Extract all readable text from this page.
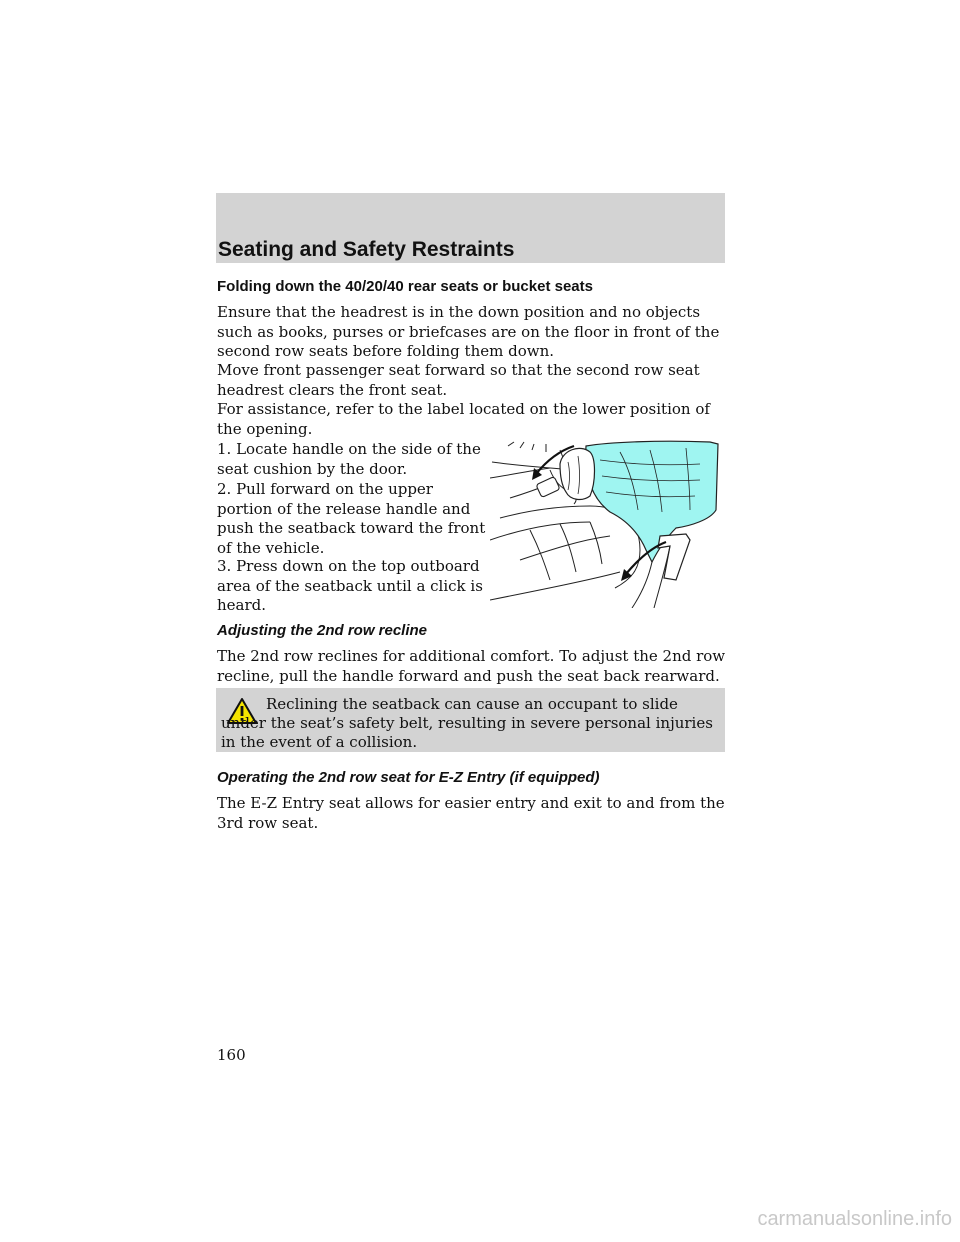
Seating and Safety Restraints
Folding down the 40/20/40 rear seats or bucket seats

Ensure that the headrest is in the down position and no objects such as books, purses or briefcases are on the floor in front of the second row seats before folding them down.

Move front passenger seat forward so that the second row seat headrest clears the front seat.

For assistance, refer to the label located on the lower position of the opening.

1. Locate handle on the side of the seat cushion by the door.

2. Pull forward on the upper portion of the release handle and push the seatback toward the front of the vehicle.

3. Press down on the top outboard area of the seatback until a click is heard.

Adjusting the 2nd row recline

The 2nd row reclines for additional comfort. To adjust the 2nd row recline, pull the handle forward and push the seat back rearward.

Reclining the seatback can cause an occupant to slide under the seat’s safety belt, resulting in severe personal injuries in the event of a collision.

Operating the 2nd row seat for E-Z Entry (if equipped)

The E-Z Entry seat allows for easier entry and exit to and from the 3rd row seat.

160
carmanualsonline.info
